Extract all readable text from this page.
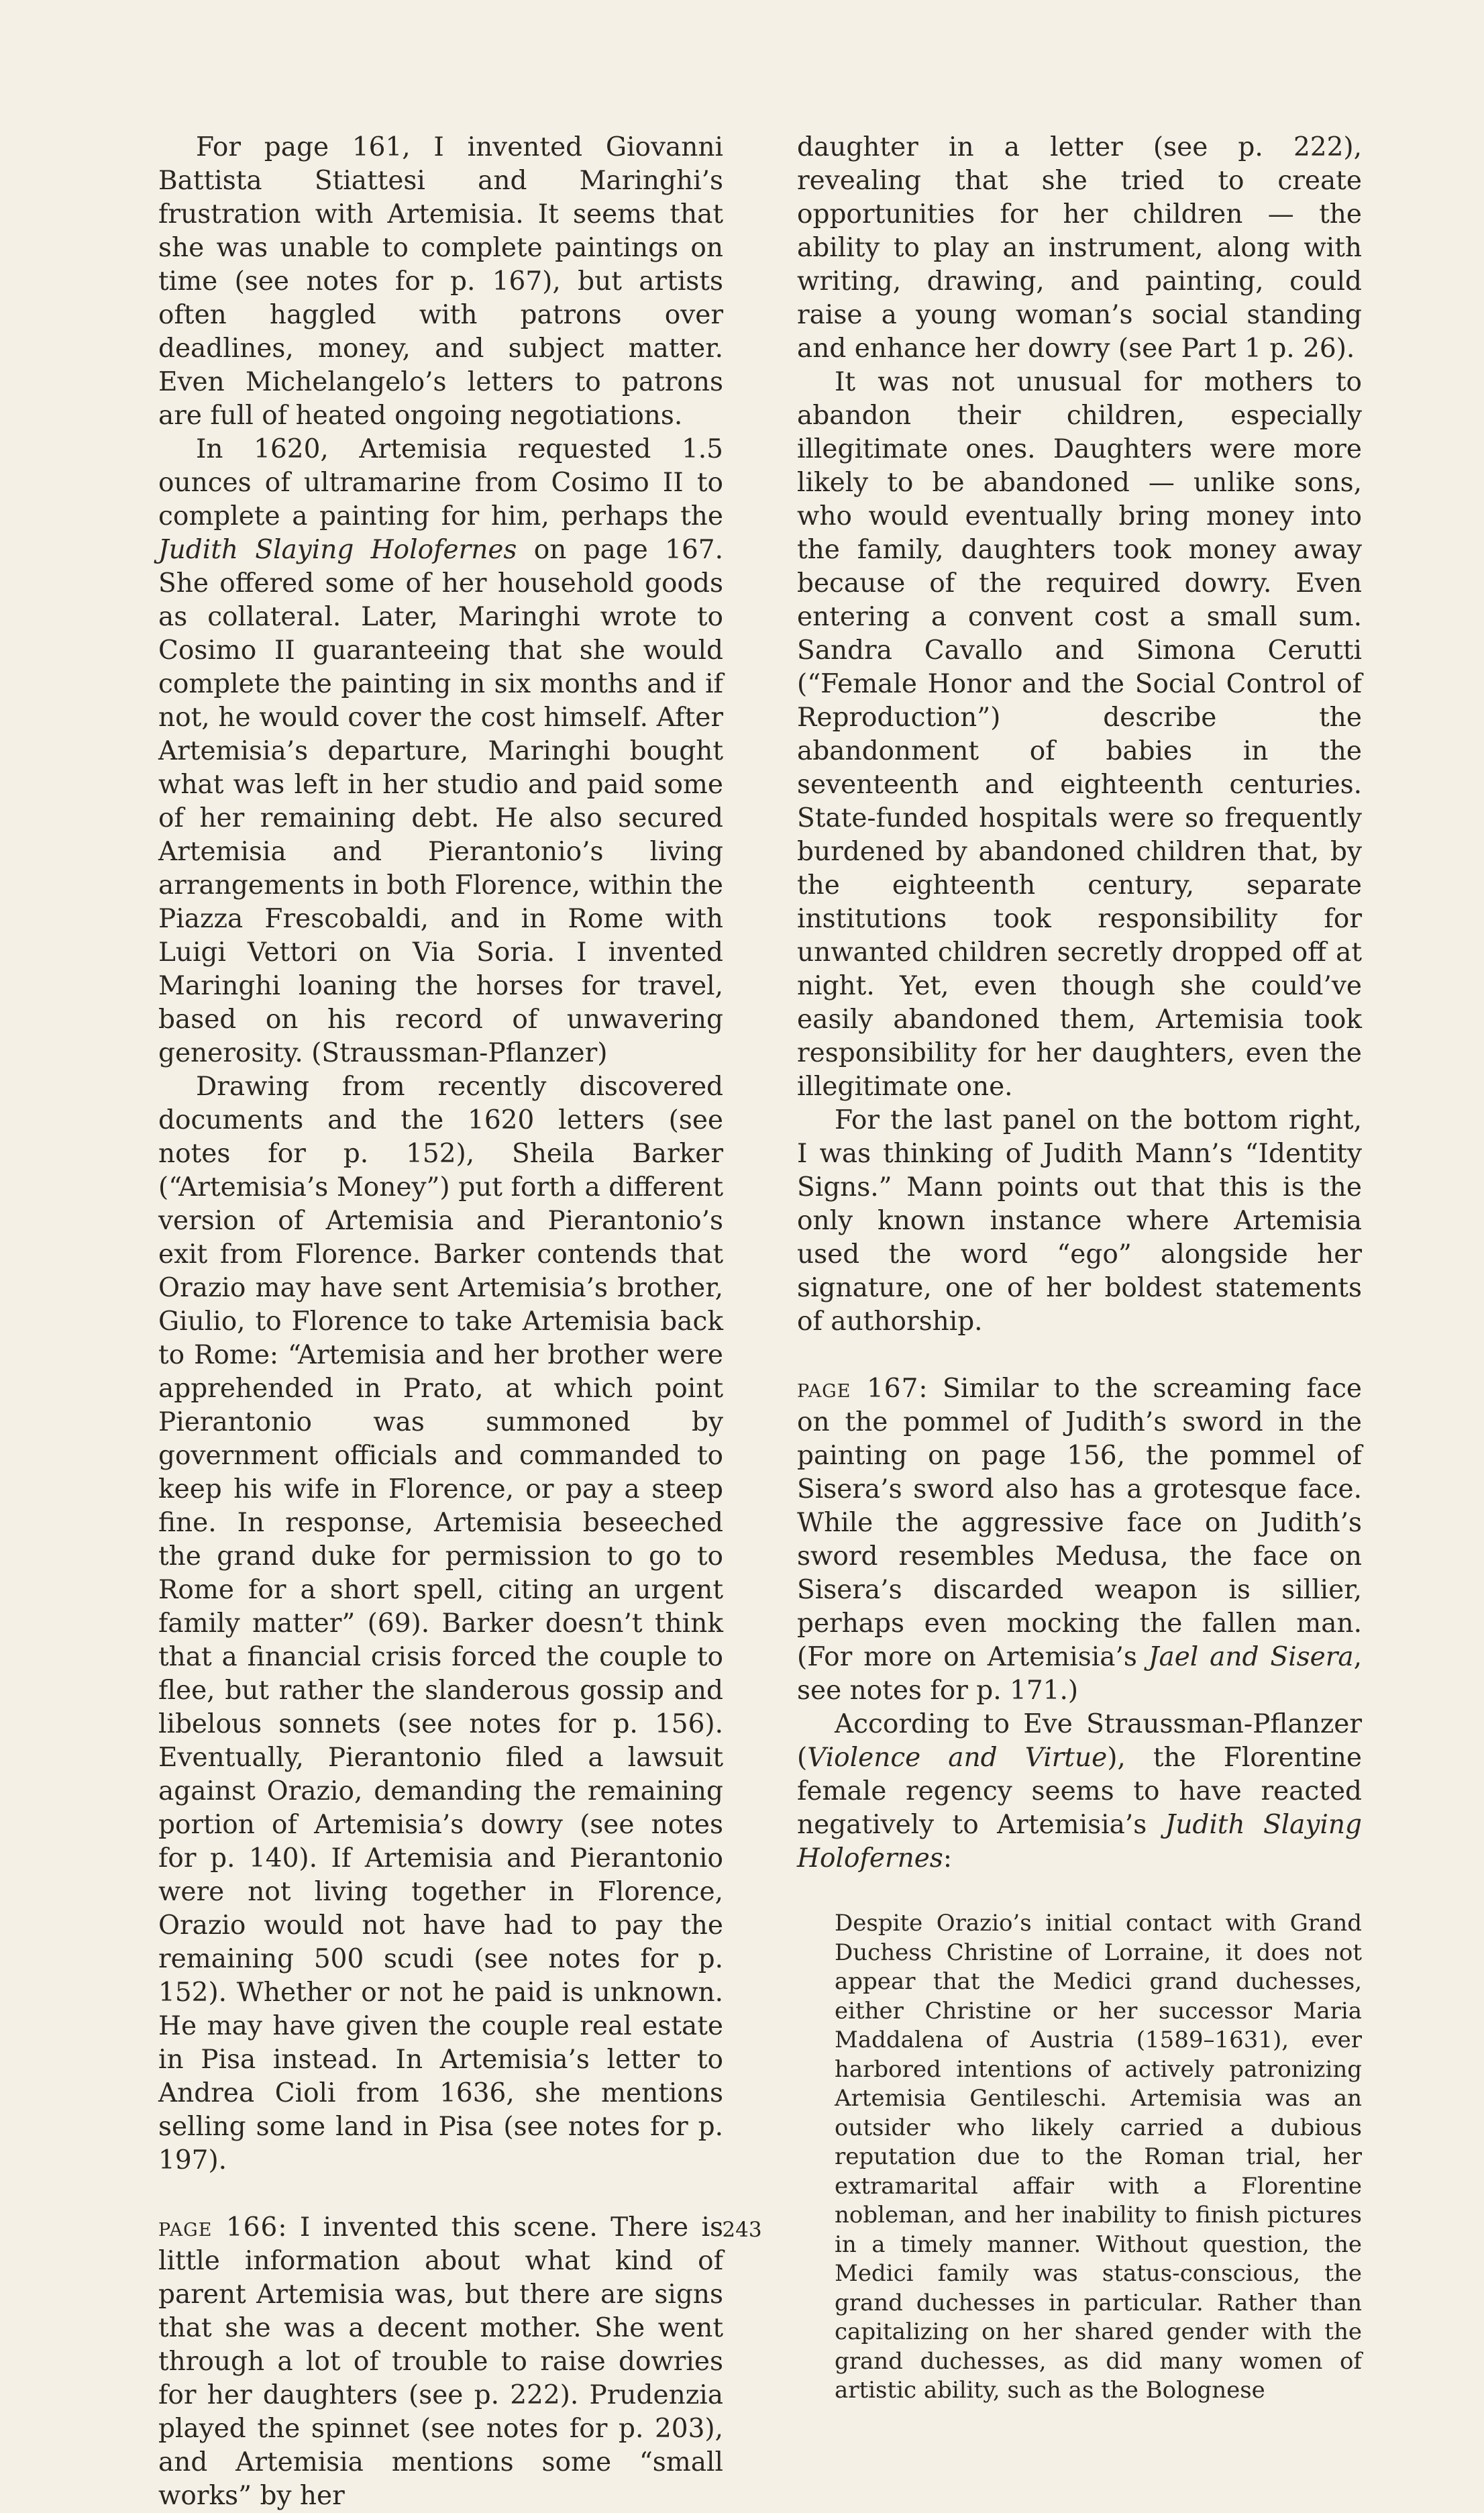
For page 161, I invented Giovanni Battista Stiattesi and Maringhi’s frustration with Artemisia. It seems that she was unable to complete paintings on time (see notes for p. 167), but artists often haggled with patrons over deadlines, money, and subject matter. Even Michelangelo’s letters to patrons are full of heated ongoing negotiations.

In 1620, Artemisia requested 1.5 ounces of ultramarine from Cosimo II to complete a painting for him, perhaps the Judith Slaying Holofernes on page 167. She offered some of her household goods as collateral. Later, Maringhi wrote to Cosimo II guaranteeing that she would complete the painting in six months and if not, he would cover the cost himself. After Artemisia’s departure, Maringhi bought what was left in her studio and paid some of her remaining debt. He also secured Artemisia and Pierantonio’s living arrangements in both Florence, within the Piazza Frescobaldi, and in Rome with Luigi Vettori on Via Soria. I invented Maringhi loaning the horses for travel, based on his record of unwavering generosity. (Straussman-Pflanzer)

Drawing from recently discovered documents and the 1620 letters (see notes for p. 152), Sheila Barker (“Artemisia’s Money”) put forth a different version of Artemisia and Pierantonio’s exit from Florence. Barker contends that Orazio may have sent Artemisia’s brother, Giulio, to Florence to take Artemisia back to Rome: “Artemisia and her brother were apprehended in Prato, at which point Pierantonio was summoned by government officials and commanded to keep his wife in Florence, or pay a steep fine. In response, Artemisia beseeched the grand duke for permission to go to Rome for a short spell, citing an urgent family matter” (69). Barker doesn’t think that a financial crisis forced the couple to flee, but rather the slanderous gossip and libelous sonnets (see notes for p. 156). Eventually, Pierantonio filed a lawsuit against Orazio, demanding the remaining portion of Artemisia’s dowry (see notes for p. 140). If Artemisia and Pierantonio were not living together in Florence, Orazio would not have had to pay the remaining 500 scudi (see notes for p. 152). Whether or not he paid is unknown. He may have given the couple real estate in Pisa instead. In Artemisia’s letter to Andrea Cioli from 1636, she mentions selling some land in Pisa (see notes for p. 197).

page 166: I invented this scene. There is little information about what kind of parent Artemisia was, but there are signs that she was a decent mother. She went through a lot of trouble to raise dowries for her daughters (see p. 222). Prudenzia played the spinnet (see notes for p. 203), and Artemisia mentions some “small works” by her

daughter in a letter (see p. 222), revealing that she tried to create opportunities for her children — the ability to play an instrument, along with writing, drawing, and painting, could raise a young woman’s social standing and enhance her dowry (see Part 1 p. 26).

It was not unusual for mothers to abandon their children, especially illegitimate ones. Daughters were more likely to be abandoned — unlike sons, who would eventually bring money into the family, daughters took money away because of the required dowry. Even entering a convent cost a small sum. Sandra Cavallo and Simona Cerutti (“Female Honor and the Social Control of Reproduction”) describe the abandonment of babies in the seventeenth and eighteenth centuries. State-funded hospitals were so frequently burdened by abandoned children that, by the eighteenth century, separate institutions took responsibility for unwanted children secretly dropped off at night. Yet, even though she could’ve easily abandoned them, Artemisia took responsibility for her daughters, even the illegitimate one.

For the last panel on the bottom right, I was thinking of Judith Mann’s “Identity Signs.” Mann points out that this is the only known instance where Artemisia used the word “ego” alongside her signature, one of her boldest statements of authorship.

page 167: Similar to the screaming face on the pommel of Judith’s sword in the painting on page 156, the pommel of Sisera’s sword also has a grotesque face. While the aggressive face on Judith’s sword resembles Medusa, the face on Sisera’s discarded weapon is sillier, perhaps even mocking the fallen man. (For more on Artemisia’s Jael and Sisera, see notes for p. 171.)

According to Eve Straussman-Pflanzer (Violence and Virtue), the Florentine female regency seems to have reacted negatively to Artemisia’s Judith Slaying Holofernes:

Despite Orazio’s initial contact with Grand Duchess Christine of Lorraine, it does not appear that the Medici grand duchesses, either Christine or her successor Maria Maddalena of Austria (1589–1631), ever harbored intentions of actively patronizing Artemisia Gentileschi. Artemisia was an outsider who likely carried a dubious reputation due to the Roman trial, her extramarital affair with a Florentine nobleman, and her inability to finish pictures in a timely manner. Without question, the Medici family was status-conscious, the grand duchesses in particular. Rather than capitalizing on her shared gender with the grand duchesses, as did many women of artistic ability, such as the Bolognese

243
